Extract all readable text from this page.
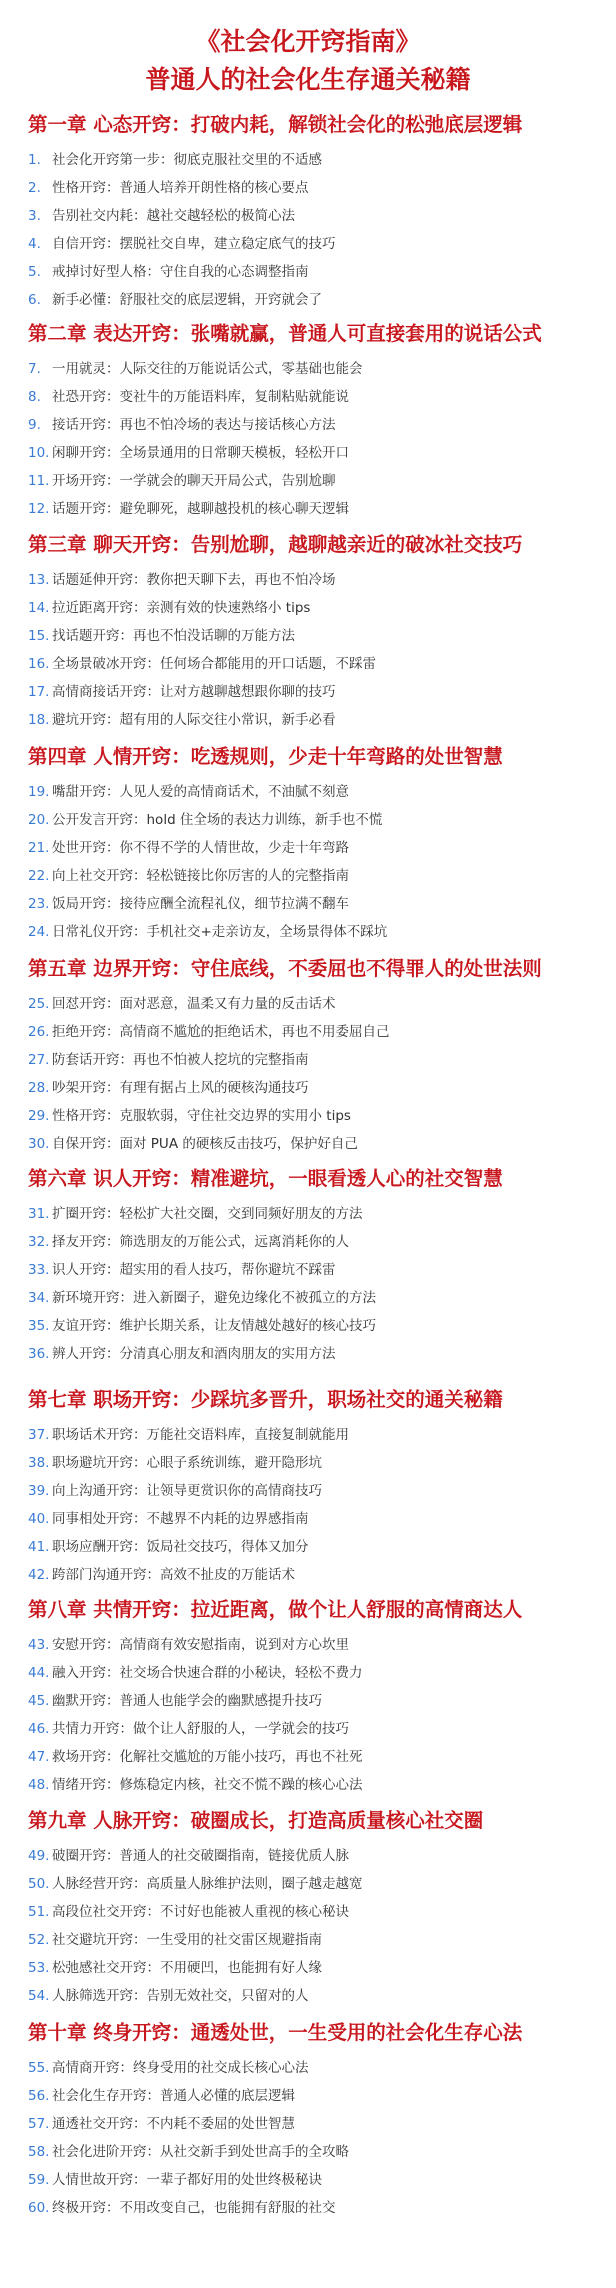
《社会化开窍指南》
普通人的社会化生存通关秘籍
第一章 心态开窍：打破内耗，解锁社会化的松弛底层逻辑
1. 社会化开窍第一步：彻底克服社交里的不适感
2. 性格开窍：普通人培养开朗性格的核心要点
3. 告别社交内耗：越社交越轻松的极简心法
4. 自信开窍：摆脱社交自卑，建立稳定底气的技巧
5. 戒掉讨好型人格：守住自我的心态调整指南
6. 新手必懂：舒服社交的底层逻辑，开窍就会了
第二章 表达开窍：张嘴就赢，普通人可直接套用的说话公式
7. 一用就灵：人际交往的万能说话公式，零基础也能会
8. 社恐开窍：变社牛的万能语料库，复制粘贴就能说
9. 接话开窍：再也不怕冷场的表达与接话核心方法
10. 闲聊开窍：全场景通用的日常聊天模板，轻松开口
11. 开场开窍：一学就会的聊天开局公式，告别尬聊
12. 话题开窍：避免聊死，越聊越投机的核心聊天逻辑
第三章 聊天开窍：告别尬聊，越聊越亲近的破冰社交技巧
13. 话题延伸开窍：教你把天聊下去，再也不怕冷场
14. 拉近距离开窍：亲测有效的快速熟络小 tips
15. 找话题开窍：再也不怕没话聊的万能方法
16. 全场景破冰开窍：任何场合都能用的开口话题，不踩雷
17. 高情商接话开窍：让对方越聊越想跟你聊的技巧
18. 避坑开窍：超有用的人际交往小常识，新手必看
第四章 人情开窍：吃透规则，少走十年弯路的处世智慧
19. 嘴甜开窍：人见人爱的高情商话术，不油腻不刻意
20. 公开发言开窍：hold 住全场的表达力训练，新手也不慌
21. 处世开窍：你不得不学的人情世故，少走十年弯路
22. 向上社交开窍：轻松链接比你厉害的人的完整指南
23. 饭局开窍：接待应酬全流程礼仪，细节拉满不翻车
24. 日常礼仪开窍：手机社交+走亲访友，全场景得体不踩坑
第五章 边界开窍：守住底线，不委屈也不得罪人的处世法则
25. 回怼开窍：面对恶意，温柔又有力量的反击话术
26. 拒绝开窍：高情商不尴尬的拒绝话术，再也不用委屈自己
27. 防套话开窍：再也不怕被人挖坑的完整指南
28. 吵架开窍：有理有据占上风的硬核沟通技巧
29. 性格开窍：克服软弱，守住社交边界的实用小 tips
30. 自保开窍：面对 PUA 的硬核反击技巧，保护好自己
第六章 识人开窍：精准避坑，一眼看透人心的社交智慧
31. 扩圈开窍：轻松扩大社交圈，交到同频好朋友的方法
32. 择友开窍：筛选朋友的万能公式，远离消耗你的人
33. 识人开窍：超实用的看人技巧，帮你避坑不踩雷
34. 新环境开窍：进入新圈子，避免边缘化不被孤立的方法
35. 友谊开窍：维护长期关系，让友情越处越好的核心技巧
36. 辨人开窍：分清真心朋友和酒肉朋友的实用方法
第七章 职场开窍：少踩坑多晋升，职场社交的通关秘籍
37. 职场话术开窍：万能社交语料库，直接复制就能用
38. 职场避坑开窍：心眼子系统训练，避开隐形坑
39. 向上沟通开窍：让领导更赏识你的高情商技巧
40. 同事相处开窍：不越界不内耗的边界感指南
41. 职场应酬开窍：饭局社交技巧，得体又加分
42. 跨部门沟通开窍：高效不扯皮的万能话术
第八章 共情开窍：拉近距离，做个让人舒服的高情商达人
43. 安慰开窍：高情商有效安慰指南，说到对方心坎里
44. 融入开窍：社交场合快速合群的小秘诀，轻松不费力
45. 幽默开窍：普通人也能学会的幽默感提升技巧
46. 共情力开窍：做个让人舒服的人，一学就会的技巧
47. 救场开窍：化解社交尴尬的万能小技巧，再也不社死
48. 情绪开窍：修炼稳定内核，社交不慌不躁的核心心法
第九章 人脉开窍：破圈成长，打造高质量核心社交圈
49. 破圈开窍：普通人的社交破圈指南，链接优质人脉
50. 人脉经营开窍：高质量人脉维护法则，圈子越走越宽
51. 高段位社交开窍：不讨好也能被人重视的核心秘诀
52. 社交避坑开窍：一生受用的社交雷区规避指南
53. 松弛感社交开窍：不用硬凹，也能拥有好人缘
54. 人脉筛选开窍：告别无效社交，只留对的人
第十章 终身开窍：通透处世，一生受用的社会化生存心法
55. 高情商开窍：终身受用的社交成长核心心法
56. 社会化生存开窍：普通人必懂的底层逻辑
57. 通透社交开窍：不内耗不委屈的处世智慧
58. 社会化进阶开窍：从社交新手到处世高手的全攻略
59. 人情世故开窍：一辈子都好用的处世终极秘诀
60. 终极开窍：不用改变自己，也能拥有舒服的社交
